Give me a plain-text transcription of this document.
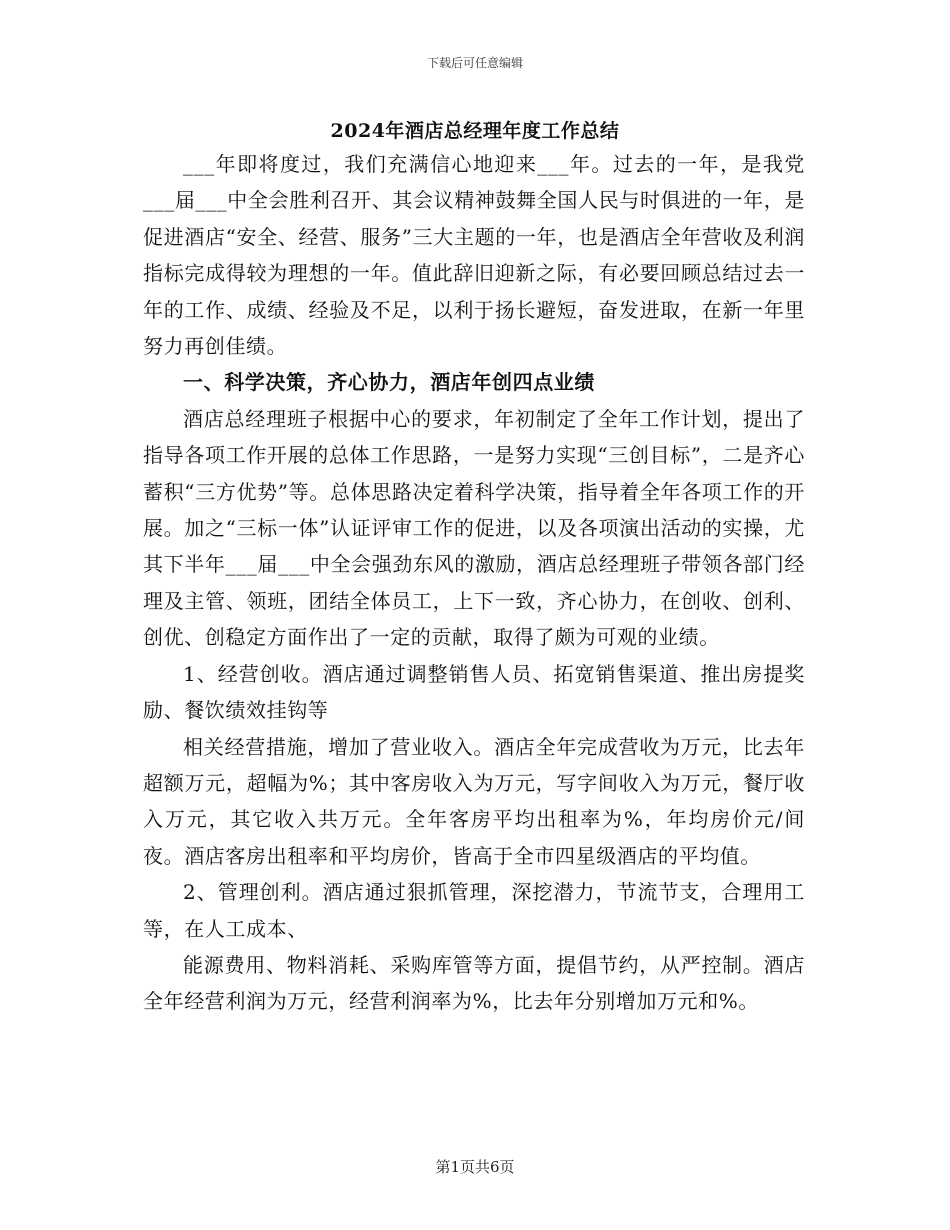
下载后可任意编辑
2024年酒店总经理年度工作总结

___年即将度过，我们充满信心地迎来___年。过去的一年，是我党___届___中全会胜利召开、其会议精神鼓舞全国人民与时俱进的一年，是促进酒店“安全、经营、服务”三大主题的一年，也是酒店全年营收及利润指标完成得较为理想的一年。值此辞旧迎新之际，有必要回顾总结过去一年的工作、成绩、经验及不足，以利于扬长避短，奋发进取，在新一年里努力再创佳绩。

一、科学决策，齐心协力，酒店年创四点业绩

酒店总经理班子根据中心的要求，年初制定了全年工作计划，提出了指导各项工作开展的总体工作思路，一是努力实现“三创目标”，二是齐心蓄积“三方优势”等。总体思路决定着科学决策，指导着全年各项工作的开展。加之“三标一体”认证评审工作的促进，以及各项演出活动的实操，尤其下半年___届___中全会强劲东风的激励，酒店总经理班子带领各部门经理及主管、领班，团结全体员工，上下一致，齐心协力，在创收、创利、创优、创稳定方面作出了一定的贡献，取得了颇为可观的业绩。

1、经营创收。酒店通过调整销售人员、拓宽销售渠道、推出房提奖励、餐饮绩效挂钩等

相关经营措施，增加了营业收入。酒店全年完成营收为万元，比去年超额万元，超幅为%；其中客房收入为万元，写字间收入为万元，餐厅收入万元，其它收入共万元。全年客房平均出租率为%，年均房价元/间夜。酒店客房出租率和平均房价，皆高于全市四星级酒店的平均值。

2、管理创利。酒店通过狠抓管理，深挖潜力，节流节支，合理用工等，在人工成本、

能源费用、物料消耗、采购库管等方面，提倡节约，从严控制。酒店全年经营利润为万元，经营利润率为%，比去年分别增加万元和%。

第1页共6页
